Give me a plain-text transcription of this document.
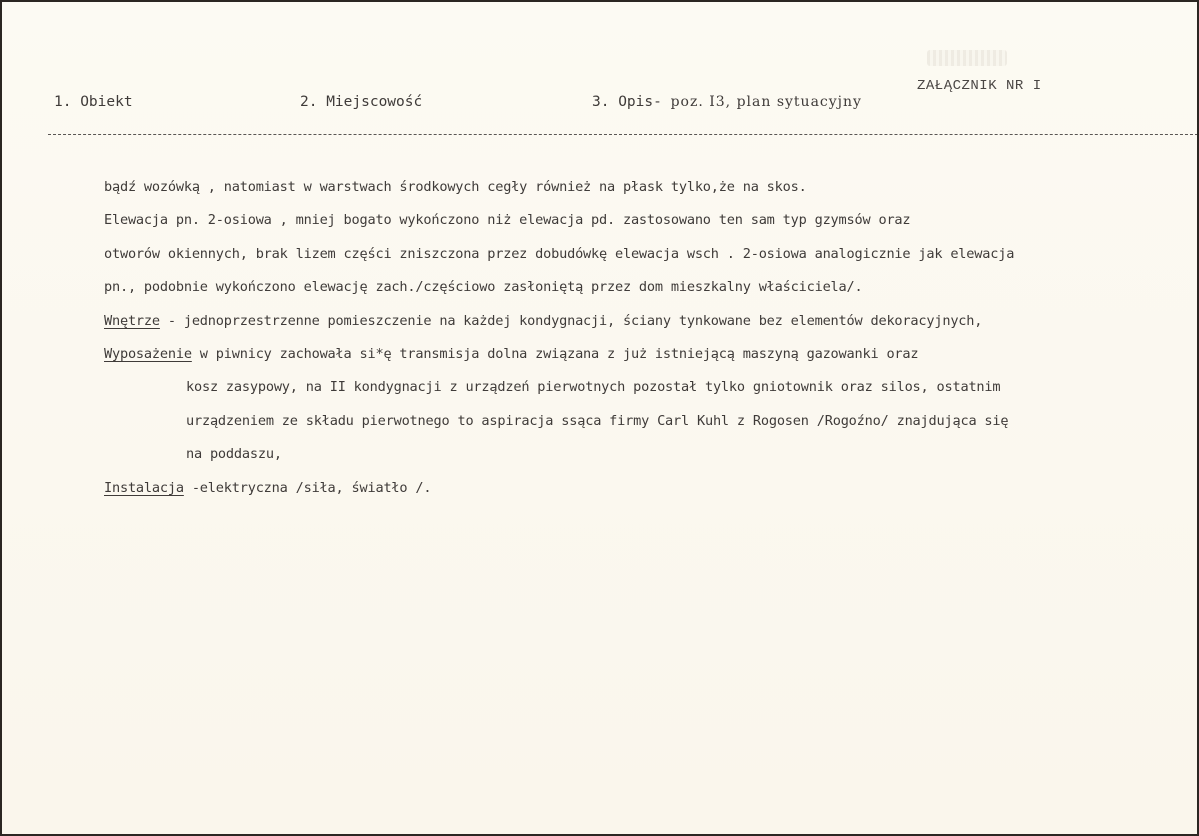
ZAŁĄCZNIK NR I
1. Obiekt	2. Miejscowość	3. Opis- poz. I3, plan sytuacyjny
bądź wozówką , natomiast w warstwach środkowych cegły również na płask tylko,że na skos.
Elewacja pn. 2-osiowa , mniej bogato wykończono niż elewacja pd. zastosowano ten sam typ gzymsów oraz
otworów okiennych, brak lizem części zniszczona przez dobudówkę elewacja wsch . 2-osiowa analogicznie jak elewacja
pn., podobnie wykończono elewację zach./częściowo zasłoniętą przez dom mieszkalny właściciela/.
Wnętrze - jednoprzestrzenne pomieszczenie na każdej kondygnacji, ściany tynkowane bez elementów dekoracyjnych,
Wyposażenie w piwnicy zachowała si*ę transmisja dolna związana z już istniejącą maszyną gazowanki oraz
kosz zasypowy, na II kondygnacji z urządzeń pierwotnych pozostał tylko gniotownik oraz silos, ostatnim
urządzeniem ze składu pierwotnego to aspiracja ssąca firmy Carl Kuhl z Rogosen /Rogoźno/ znajdująca się
na poddaszu,
Instalacja -elektryczna /siła, światło /.
